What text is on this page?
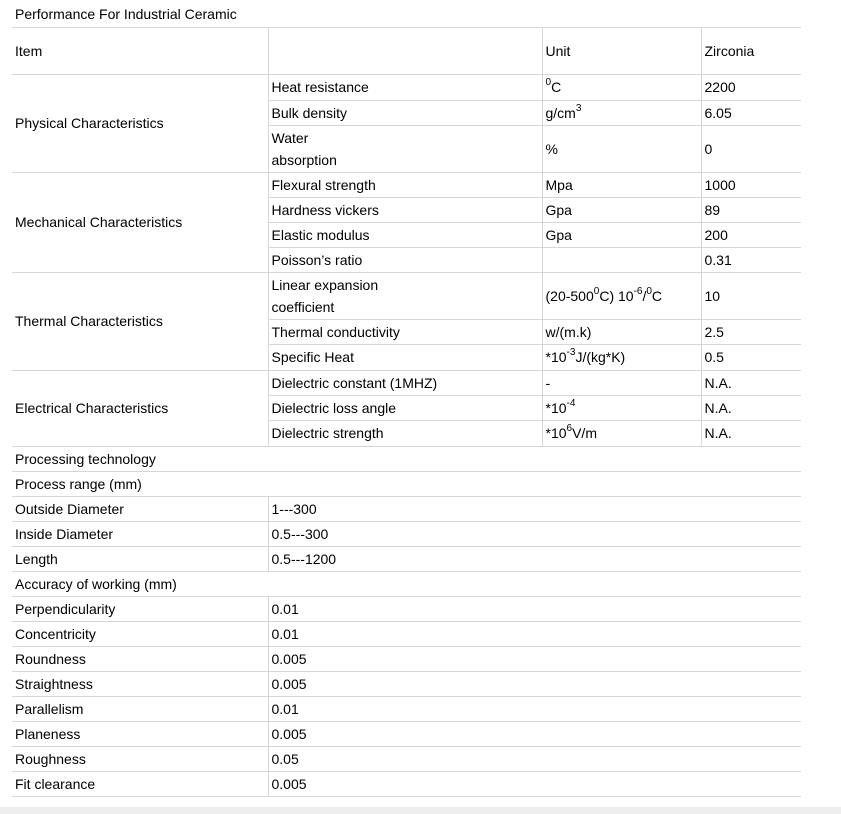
Performance For Industrial Ceramic			
Item		Unit	Zirconia
Physical Characteristics	Heat resistance	$^0$C	2200
	Bulk density	$g/cm^3$	6.05

	Water
absorption	%	0
Mechanical Characteristics	Flexural strength	Mpa	1000
	Hardness vickers	Gpa	89
	Elastic modulus	Gpa	200
	Poisson’s ratio		0.31
Thermal Characteristics	Linear expansion
coefficient	$(20-500^0C)$ $10^{-6}/^0C$	10
	Thermal conductivity	w/(m.k)	2.5
	Specific Heat	$*10^{-3}J/(kg*K)$	0.5
Electrical Characteristics	Dielectric constant (1MHZ)	-	N.A.
	Dielectric loss angle	$*10^{-4}$	N.A.
	Dielectric strength	$*10^6V/m$	N.A.
Processing technology			
Process range (mm)			
Outside Diameter	1---300		
Inside Diameter	0.5---300		
Length	0.5---1200		
Accuracy of working (mm)			
Perpendicularity	0.01		
Concentricity	0.01		
Roundness	0.005		
Straightness	0.005		
Parallelism	0.01		
Planeness	0.005		
Roughness	0.05		
Fit clearance	0.005		
